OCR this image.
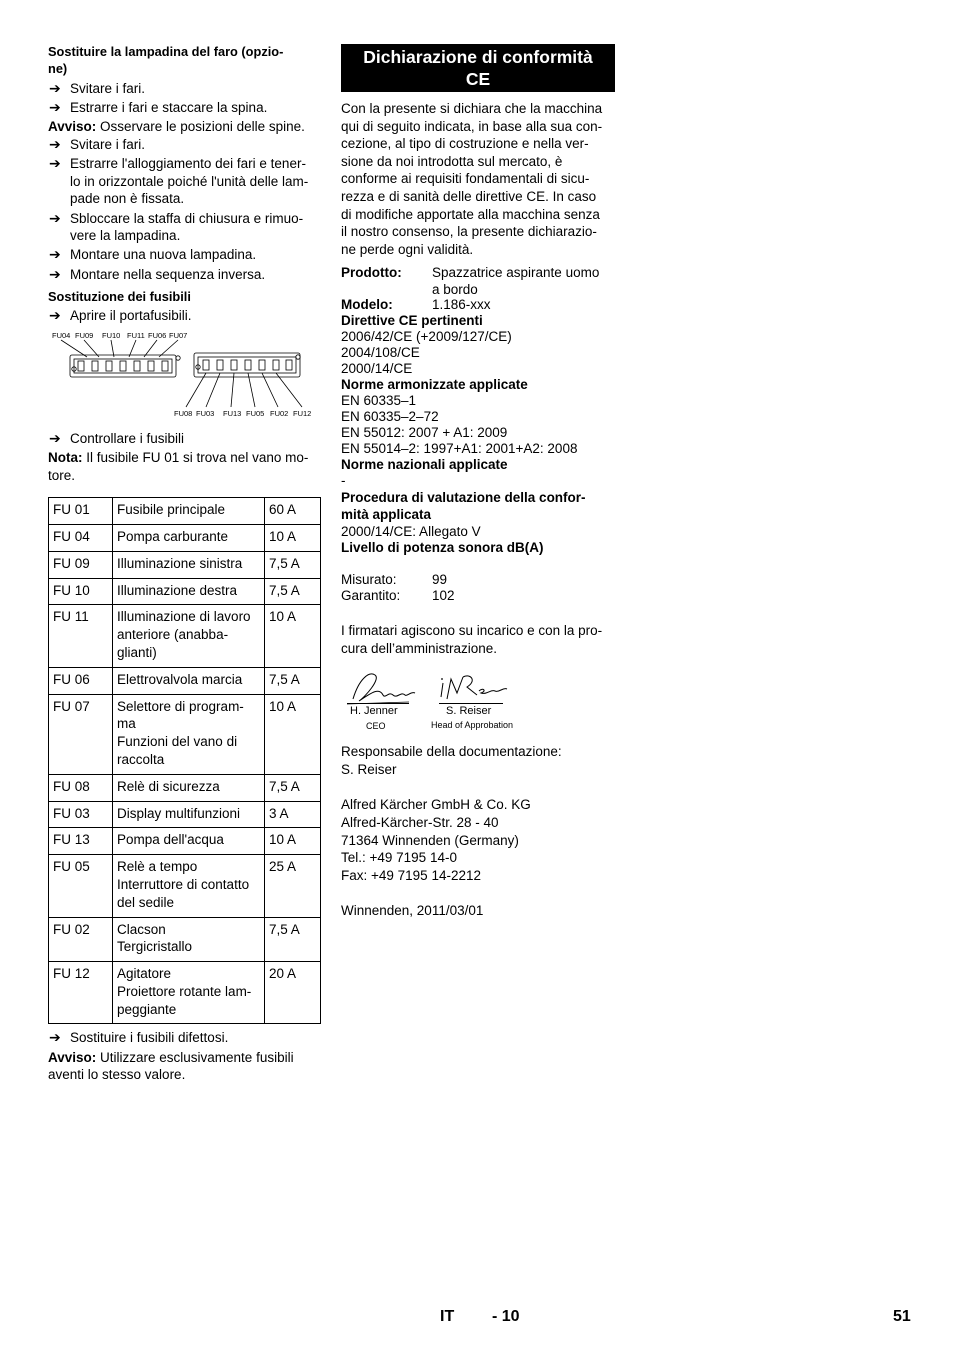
Sostituire la lampadina del faro (opzio-
ne)

➔ Svitare i fari.
➔ Estrarre i fari e staccare la spina.

Avviso: Osservare le posizioni delle spine.

➔ Svitare i fari.
➔ Estrarre l'alloggiamento dei fari e tener-
lo in orizzontale poiché l'unità delle lam-
pade non è fissata.
➔ Sbloccare la staffa di chiusura e rimuo-
vere la lampadina.
➔ Montare una nuova lampadina.
➔ Montare nella sequenza inversa.

Sostituzione dei fusibili

➔ Aprire il portafusibili.
FU04 FU09 FU10 FU11 FU06 FU07
FU08 FU03 FU13 FU05 FU02 FU12
➔ Controllare i fusibili

Nota: Il fusibile FU 01 si trova nel vano mo-
tore.

FU 01	Fusibile principale	60 A
FU 04	Pompa carburante	10 A
FU 09	Illuminazione sinistra	7,5 A
FU 10	Illuminazione destra	7,5 A
FU 11	Illuminazione di lavoro
anteriore (anabba-
glianti)	10 A
FU 06	Elettrovalvola marcia	7,5 A
FU 07	Selettore di program-
ma
Funzioni del vano di
raccolta	10 A
FU 08	Relè di sicurezza	7,5 A
FU 03	Display multifunzioni	3 A
FU 13	Pompa dell'acqua	10 A
FU 05	Relè a tempo
Interruttore di contatto
del sedile	25 A
FU 02	Clacson
Tergicristallo	7,5 A
FU 12	Agitatore
Proiettore rotante lam-
peggiante	20 A
➔ Sostituire i fusibili difettosi.

Avviso: Utilizzare esclusivamente fusibili
aventi lo stesso valore.

Dichiarazione di conformità
CE

Con la presente si dichiara che la macchina
qui di seguito indicata, in base alla sua con-
cezione, al tipo di costruzione e nella ver-
sione da noi introdotta sul mercato, è
conforme ai requisiti fondamentali di sicu-
rezza e di sanità delle direttive CE. In caso
di modifiche apportate alla macchina senza
il nostro consenso, la presente dichiarazio-
ne perde ogni validità.

Prodotto:	Spazzatrice aspirante uomo
a bordo
Modelo:	1.186-xxx

Direttive CE pertinenti

2006/42/CE (+2009/127/CE)

2004/108/CE

2000/14/CE

Norme armonizzate applicate

EN 60335–1

EN 60335–2–72

EN 55012: 2007 + A1: 2009

EN 55014–2: 1997+A1: 2001+A2: 2008

Norme nazionali applicate

-

Procedura di valutazione della confor-
mità applicata

2000/14/CE: Allegato V

Livello di potenza sonora dB(A)

Misurato:	99
Garantito:	102

I firmatari agiscono su incarico e con la pro-
cura dell’amministrazione.

H. Jenner
CEO
S. Reiser
Head of Approbation

Responsabile della documentazione:
S. Reiser

Alfred Kärcher GmbH & Co. KG
Alfred-Kärcher-Str. 28 - 40
71364 Winnenden (Germany)
Tel.: +49 7195 14-0
Fax: +49 7195 14-2212

Winnenden, 2011/03/01

IT - 10	51
